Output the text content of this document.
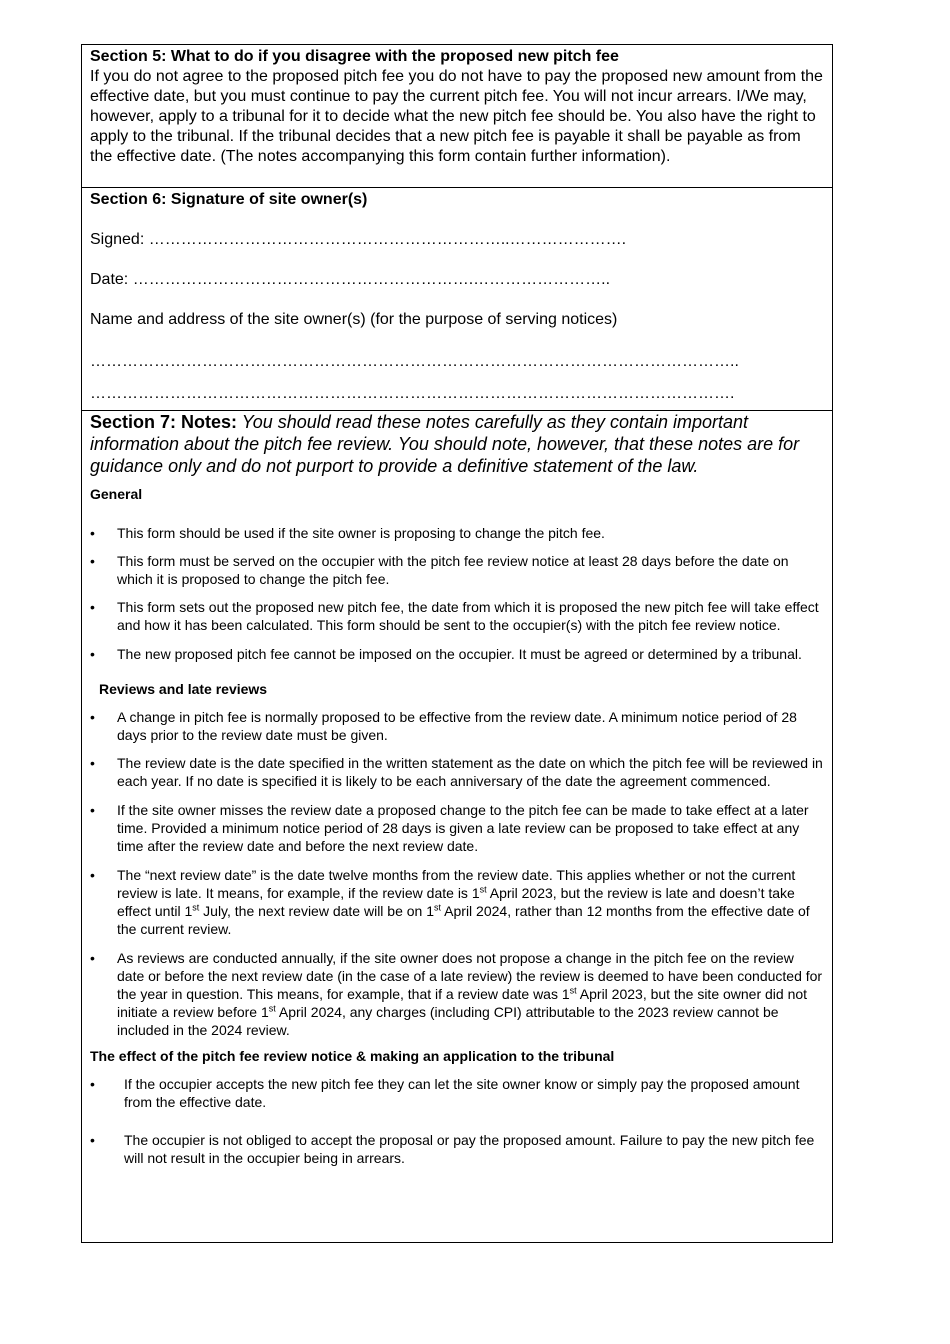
Section 5: What to do if you disagree with the proposed new pitch fee
If you do not agree to the proposed pitch fee you do not have to pay the proposed new amount from the effective date, but you must continue to pay the current pitch fee. You will not incur arrears. I/We may, however, apply to a tribunal for it to decide what the new pitch fee should be. You also have the right to apply to the tribunal. If the tribunal decides that a new pitch fee is payable it shall be payable as from the effective date. (The notes accompanying this form contain further information).
Section 6: Signature of site owner(s)
Signed: …………………………………………………………..………………….
Date: ……………………………………………………….……………………..
Name and address of the site owner(s) (for the purpose of serving notices)
…………………………………………………………………………………………………………..
………………………………………………………………………………………………………….
Section 7: Notes: You should read these notes carefully as they contain important information about the pitch fee review. You should note, however, that these notes are for guidance only and do not purport to provide a definitive statement of the law.
General
• This form should be used if the site owner is proposing to change the pitch fee.
• This form must be served on the occupier with the pitch fee review notice at least 28 days before the date on which it is proposed to change the pitch fee.
• This form sets out the proposed new pitch fee, the date from which it is proposed the new pitch fee will take effect and how it has been calculated. This form should be sent to the occupier(s) with the pitch fee review notice.
• The new proposed pitch fee cannot be imposed on the occupier. It must be agreed or determined by a tribunal.
Reviews and late reviews
• A change in pitch fee is normally proposed to be effective from the review date. A minimum notice period of 28 days prior to the review date must be given.
• The review date is the date specified in the written statement as the date on which the pitch fee will be reviewed in each year. If no date is specified it is likely to be each anniversary of the date the agreement commenced.
• If the site owner misses the review date a proposed change to the pitch fee can be made to take effect at a later time. Provided a minimum notice period of 28 days is given a late review can be proposed to take effect at any time after the review date and before the next review date.
• The “next review date” is the date twelve months from the review date. This applies whether or not the current review is late. It means, for example, if the review date is 1st April 2023, but the review is late and doesn’t take effect until 1st July, the next review date will be on 1st April 2024, rather than 12 months from the effective date of the current review.
• As reviews are conducted annually, if the site owner does not propose a change in the pitch fee on the review date or before the next review date (in the case of a late review) the review is deemed to have been conducted for the year in question. This means, for example, that if a review date was 1st April 2023, but the site owner did not initiate a review before 1st April 2024, any charges (including CPI) attributable to the 2023 review cannot be included in the 2024 review.
The effect of the pitch fee review notice & making an application to the tribunal
• If the occupier accepts the new pitch fee they can let the site owner know or simply pay the proposed amount from the effective date.
• The occupier is not obliged to accept the proposal or pay the proposed amount. Failure to pay the new pitch fee will not result in the occupier being in arrears.
